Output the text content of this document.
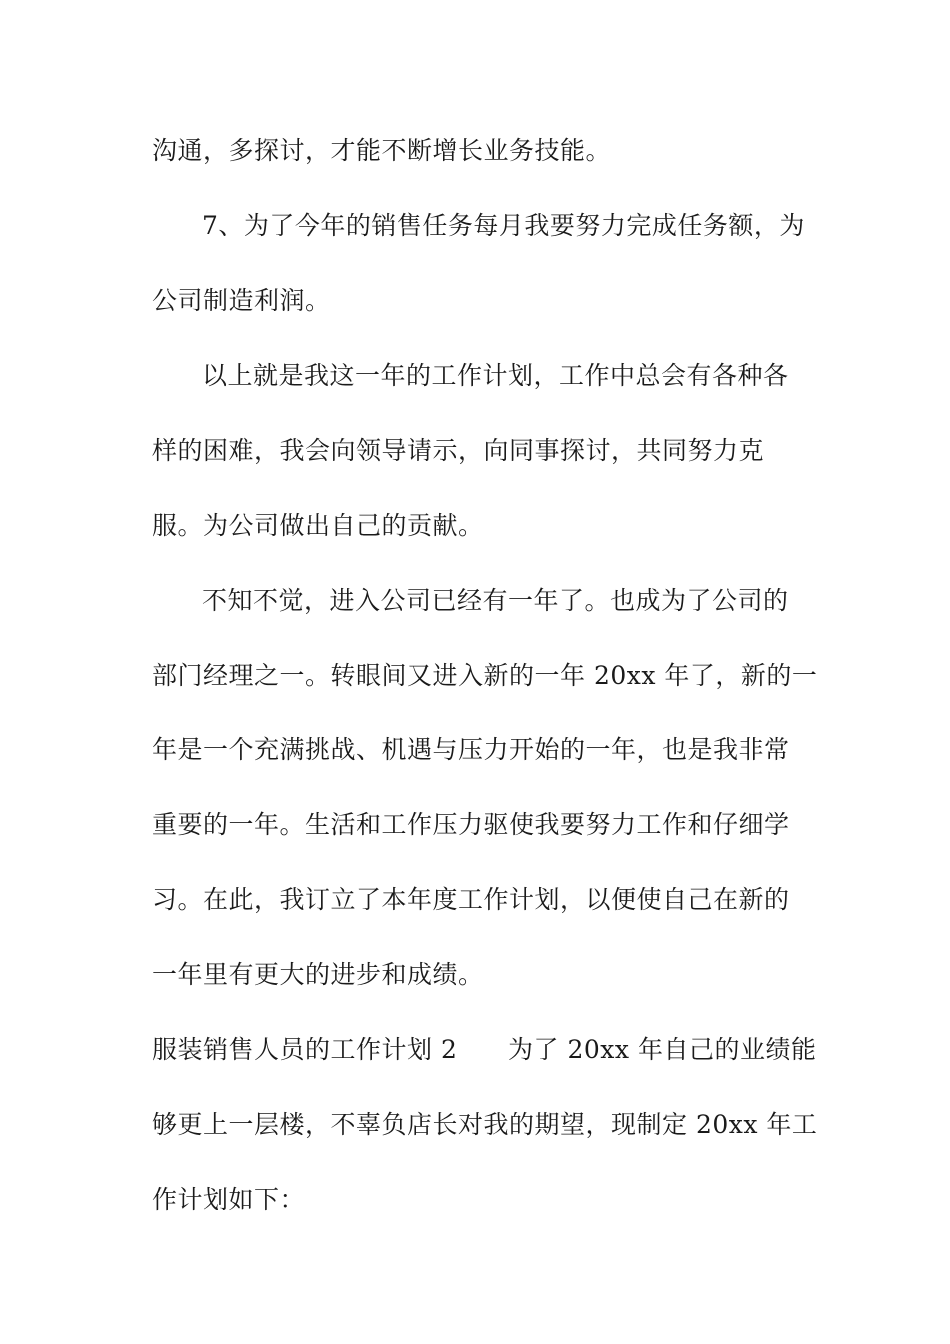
沟通，多探讨，才能不断增长业务技能。
7、为了今年的销售任务每月我要努力完成任务额，为
公司制造利润。
以上就是我这一年的工作计划，工作中总会有各种各
样的困难，我会向领导请示，向同事探讨，共同努力克
服。为公司做出自己的贡献。
不知不觉，进入公司已经有一年了。也成为了公司的
部门经理之一。转眼间又进入新的一年 20xx 年了，新的一
年是一个充满挑战、机遇与压力开始的一年，也是我非常
重要的一年。生活和工作压力驱使我要努力工作和仔细学
习。在此，我订立了本年度工作计划，以便使自己在新的
一年里有更大的进步和成绩。
服装销售人员的工作计划 2      为了 20xx 年自己的业绩能
够更上一层楼，不辜负店长对我的期望，现制定 20xx 年工
作计划如下：
